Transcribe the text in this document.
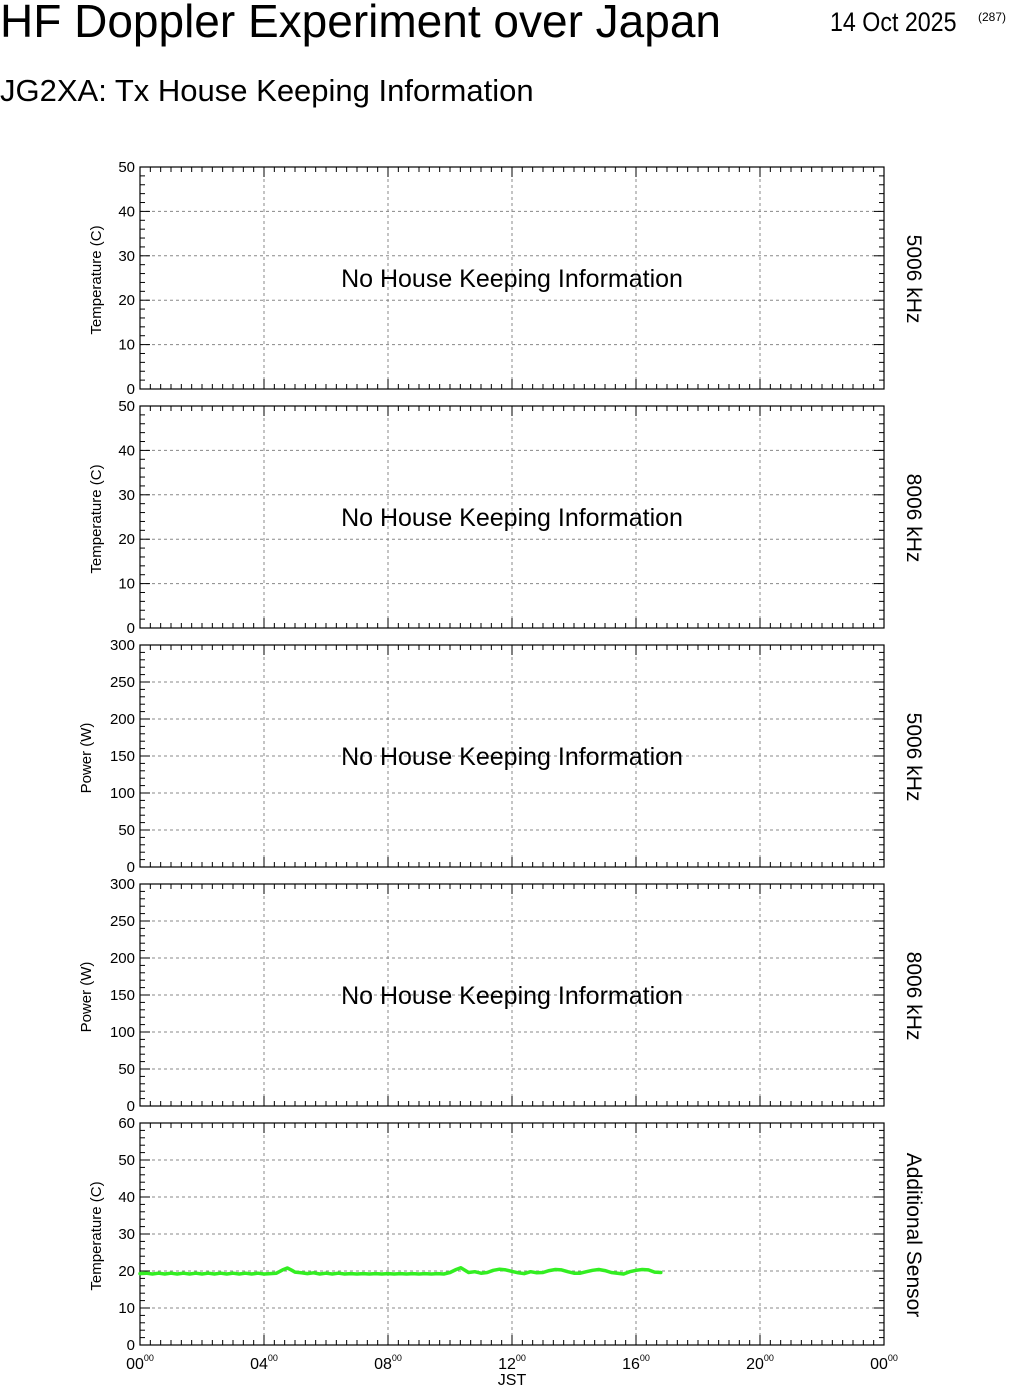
HF Doppler Experiment over Japan	14 Oct 2025 (287)
JG2XA: Tx House Keeping Information
0
10
20
30
40
50
Temperature (C)	5006 kHz
No House Keeping Information
0
10
20
30
40
50
Temperature (C)	8006 kHz
No House Keeping Information
0
50
100
150
200
250
300
Power (W)	5006 kHz
No House Keeping Information
0
50
100
150
200
250
300
Power (W)	8006 kHz
No House Keeping Information
0
10
20
30
40
50
60
Temperature (C)	Additional Sensor
$00^{00}$	$04^{00}$	$08^{00}$	$12^{00}$	$16^{00}$	$20^{00}$	$00^{00}$
JST
